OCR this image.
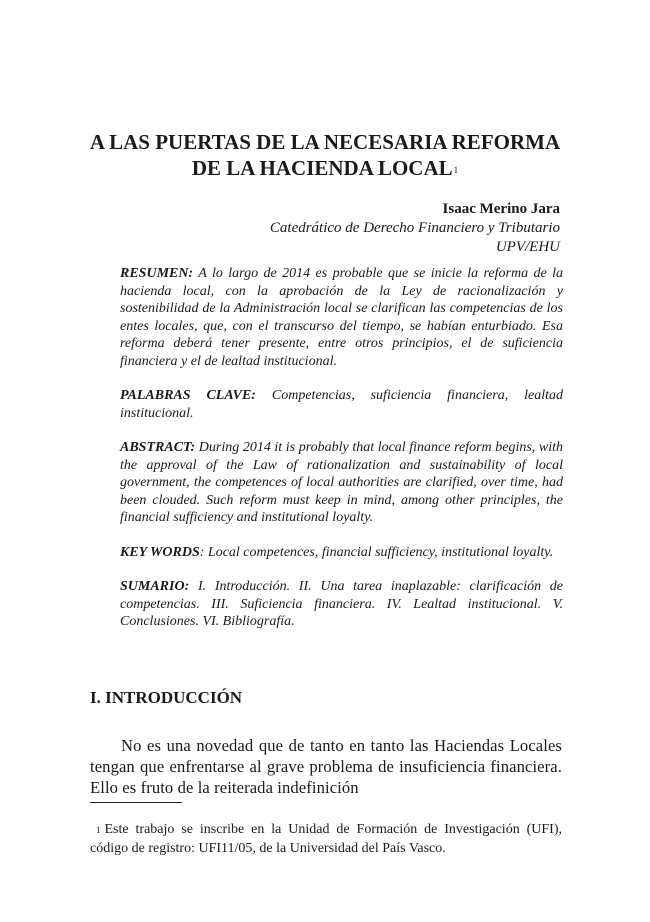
A LAS PUERTAS DE LA NECESARIA REFORMA
DE LA HACIENDA LOCAL$^1$
Isaac Merino Jara
Catedrático de Derecho Financiero y Tributario
UPV/EHU

RESUMEN: A lo largo de 2014 es probable que se inicie la reforma de la hacienda local, con la aprobación de la Ley de racionalización y sostenibilidad de la Administración local se clarifican las competencias de los entes locales, que, con el transcurso del tiempo, se habían enturbiado. Esa reforma deberá tener presente, entre otros principios, el de suficiencia financiera y el de lealtad institucional.

PALABRAS CLAVE: Competencias, suficiencia financiera, lealtad institucional.

ABSTRACT: During 2014 it is probably that local finance reform begins, with the approval of the Law of rationalization and sustainability of local government, the competences of local authorities are clarified, over time, had been clouded. Such reform must keep in mind, among other principles, the financial sufficiency and institutional loyalty.

KEY WORDS: Local competences, financial sufficiency, institutional loyalty.

SUMARIO: I. Introducción. II. Una tarea inaplazable: clarificación de competencias. III. Suficiencia financiera. IV. Lealtad institucional. V. Conclusiones. VI. Bibliografía.

I. INTRODUCCIÓN

No es una novedad que de tanto en tanto las Haciendas Locales tengan que enfrentarse al grave problema de insuficiencia financiera. Ello es fruto de la reiterada indefinición

$^1$ Este trabajo se inscribe en la Unidad de Formación de Investigación (UFI), código de registro: UFI11/05, de la Universidad del País Vasco.
